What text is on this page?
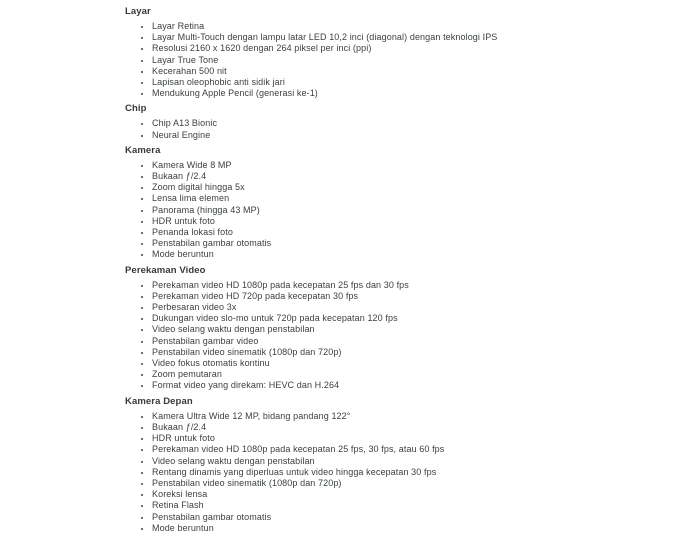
Layar
• Layar Retina
• Layar Multi-Touch dengan lampu latar LED 10,2 inci (diagonal) dengan teknologi IPS
• Resolusi 2160 x 1620 dengan 264 piksel per inci (ppi)
• Layar True Tone
• Kecerahan 500 nit
• Lapisan oleophobic anti sidik jari
• Mendukung Apple Pencil (generasi ke-1)
Chip
• Chip A13 Bionic
• Neural Engine
Kamera
• Kamera Wide 8 MP
• Bukaan ƒ/2.4
• Zoom digital hingga 5x
• Lensa lima elemen
• Panorama (hingga 43 MP)
• HDR untuk foto
• Penanda lokasi foto
• Penstabilan gambar otomatis
• Mode beruntun
Perekaman Video
• Perekaman video HD 1080p pada kecepatan 25 fps dan 30 fps
• Perekaman video HD 720p pada kecepatan 30 fps
• Perbesaran video 3x
• Dukungan video slo-mo untuk 720p pada kecepatan 120 fps
• Video selang waktu dengan penstabilan
• Penstabilan gambar video
• Penstabilan video sinematik (1080p dan 720p)
• Video fokus otomatis kontinu
• Zoom pemutaran
• Format video yang direkam: HEVC dan H.264
Kamera Depan
• Kamera Ultra Wide 12 MP, bidang pandang 122°
• Bukaan ƒ/2.4
• HDR untuk foto
• Perekaman video HD 1080p pada kecepatan 25 fps, 30 fps, atau 60 fps
• Video selang waktu dengan penstabilan
• Rentang dinamis yang diperluas untuk video hingga kecepatan 30 fps
• Penstabilan video sinematik (1080p dan 720p)
• Koreksi lensa
• Retina Flash
• Penstabilan gambar otomatis
• Mode beruntun
